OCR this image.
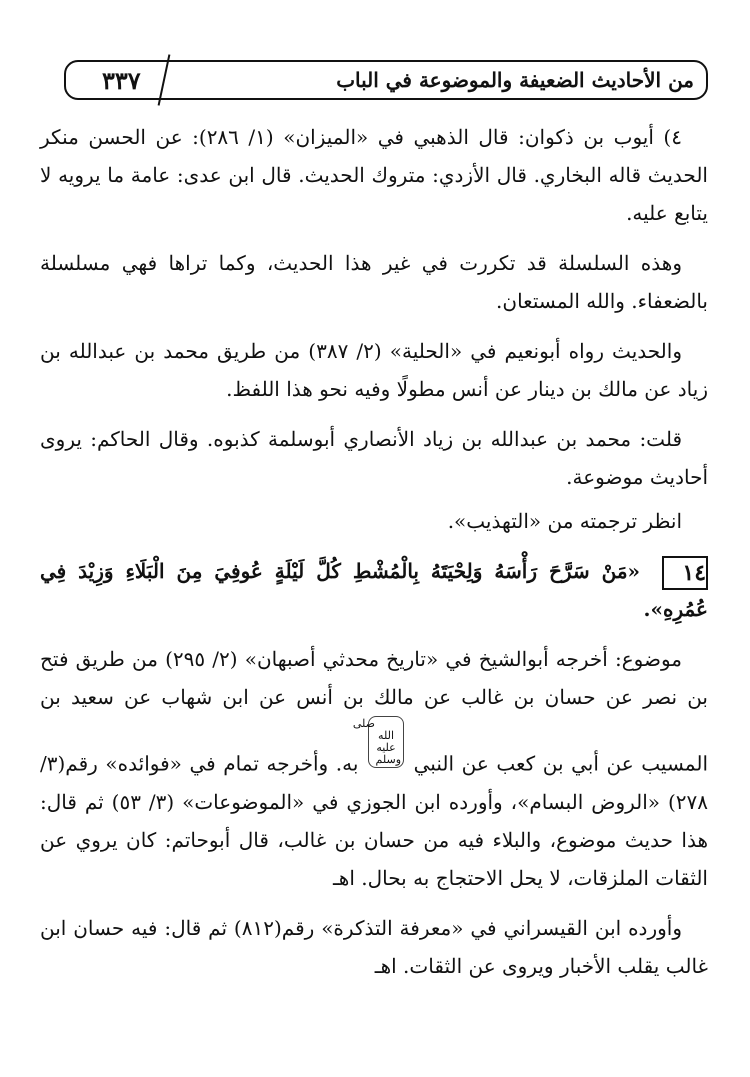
من الأحاديث الضعيفة والموضوعة في الباب
٣٣٧

٤) أيوب بن ذكوان: قال الذهبي في «الميزان» (١/ ٢٨٦): عن الحسن منكر الحديث قاله البخاري. قال الأزدي: متروك الحديث. قال ابن عدى: عامة ما يرويه لا يتابع عليه.

وهذه السلسلة قد تكررت في غير هذا الحديث، وكما تراها فهي مسلسلة بالضعفاء. والله المستعان.

والحديث رواه أبونعيم في «الحلية» (٢/ ٣٨٧) من طريق محمد بن عبدالله بن زياد عن مالك بن دينار عن أنس مطولًا وفيه نحو هذا اللفظ.

قلت: محمد بن عبدالله بن زياد الأنصاري أبوسلمة كذبوه. وقال الحاكم: يروى أحاديث موضوعة.

انظر ترجمته من «التهذيب».

١٤ «مَنْ سَرَّحَ رَأْسَهُ وَلِحْيَتَهُ بِالْمُشْطِ كُلَّ لَيْلَةٍ عُوفِيَ مِنَ الْبَلَاءِ وَزِيْدَ فِي عُمُرِهِ».

موضوع: أخرجه أبوالشيخ في «تاريخ محدثي أصبهان» (٢/ ٢٩٥) من طريق فتح بن نصر عن حسان بن غالب عن مالك بن أنس عن ابن شهاب عن سعيد بن المسيب عن أبي بن كعب عن النبي صلى الله عليه وسلم به. وأخرجه تمام في «فوائده» رقم(٣/ ٢٧٨) «الروض البسام»، وأورده ابن الجوزي في «الموضوعات» (٣/ ٥٣) ثم قال: هذا حديث موضوع، والبلاء فيه من حسان بن غالب، قال أبوحاتم: كان يروي عن الثقات الملزقات، لا يحل الاحتجاج به بحال. اهـ

وأورده ابن القيسراني في «معرفة التذكرة» رقم(٨١٢) ثم قال: فيه حسان ابن غالب يقلب الأخبار ويروى عن الثقات. اهـ
